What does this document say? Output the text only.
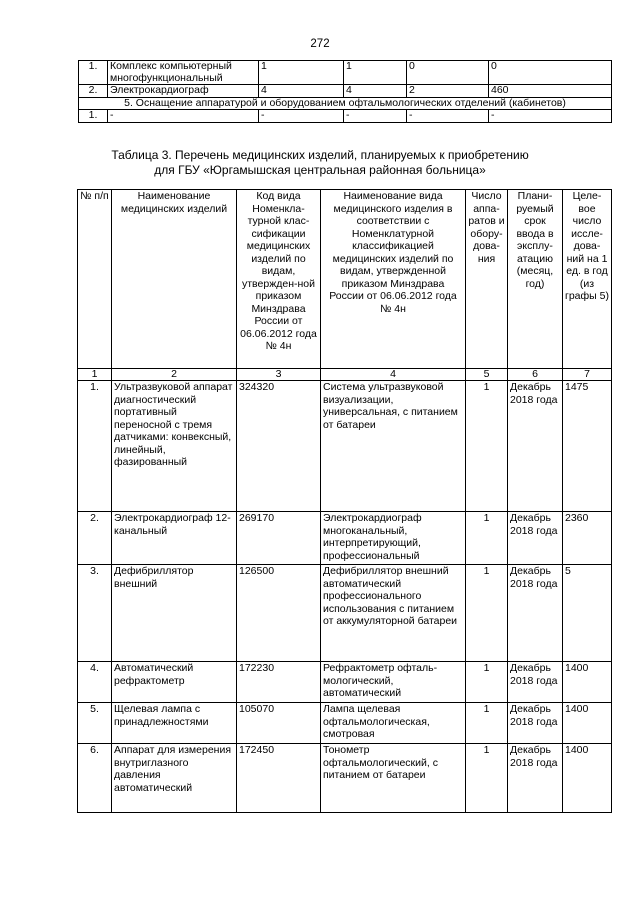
272
1.	Комплекс компьютерный многофункциональный	1	1	0	0
2.	Электрокардиограф	4	4	2	460
5. Оснащение аппаратурой и оборудованием офтальмологических отделений (кабинетов)					
1.	-	-	-	-	-
Таблица 3. Перечень медицинских изделий, планируемых к приобретению
для ГБУ «Юргамышская центральная районная больница»
№ п/п	Наименование медицинских изделий	Код вида Номенкла-турной клас-сификации медицинских изделий по видам, утвержден-ной приказом Минздрава России от 06.06.2012 года № 4н	Наименование вида медицинского изделия в соответствии с Номенклатурной классификацией медицинских изделий по видам, утвержденной приказом Минздрава России от 06.06.2012 года № 4н	Число аппа-ратов и обору-дова-ния	Плани-руемый срок ввода в эксплу-атацию (месяц, год)	Целе-вое число иссле-дова-ний на 1 ед. в год (из графы 5)
1	2	3	4	5	6	7
1.	Ультразвуковой аппарат диагностический портативный переносной с тремя датчиками: конвексный, линейный, фазированный	324320	Система ультразвуковой визуализации, универсальная, с питанием от батареи	1	Декабрь 2018 года	1475
2.	Электрокардиограф 12-канальный	269170	Электрокардиограф многоканальный, интерпретирующий, профессиональный	1	Декабрь 2018 года	2360
3.	Дефибриллятор внешний	126500	Дефибриллятор внешний автоматический профессионального использования с питанием от аккумуляторной батареи	1	Декабрь 2018 года	5
4.	Автоматический рефрактометр	172230	Рефрактометр офталь-мологический, автоматический	1	Декабрь 2018 года	1400
5.	Щелевая лампа с принадлежностями	105070	Лампа щелевая офтальмологическая, смотровая	1	Декабрь 2018 года	1400
6.	Аппарат для измерения внутриглазного давления автоматический	172450	Тонометр офтальмологический, с питанием от батареи	1	Декабрь 2018 года	1400
